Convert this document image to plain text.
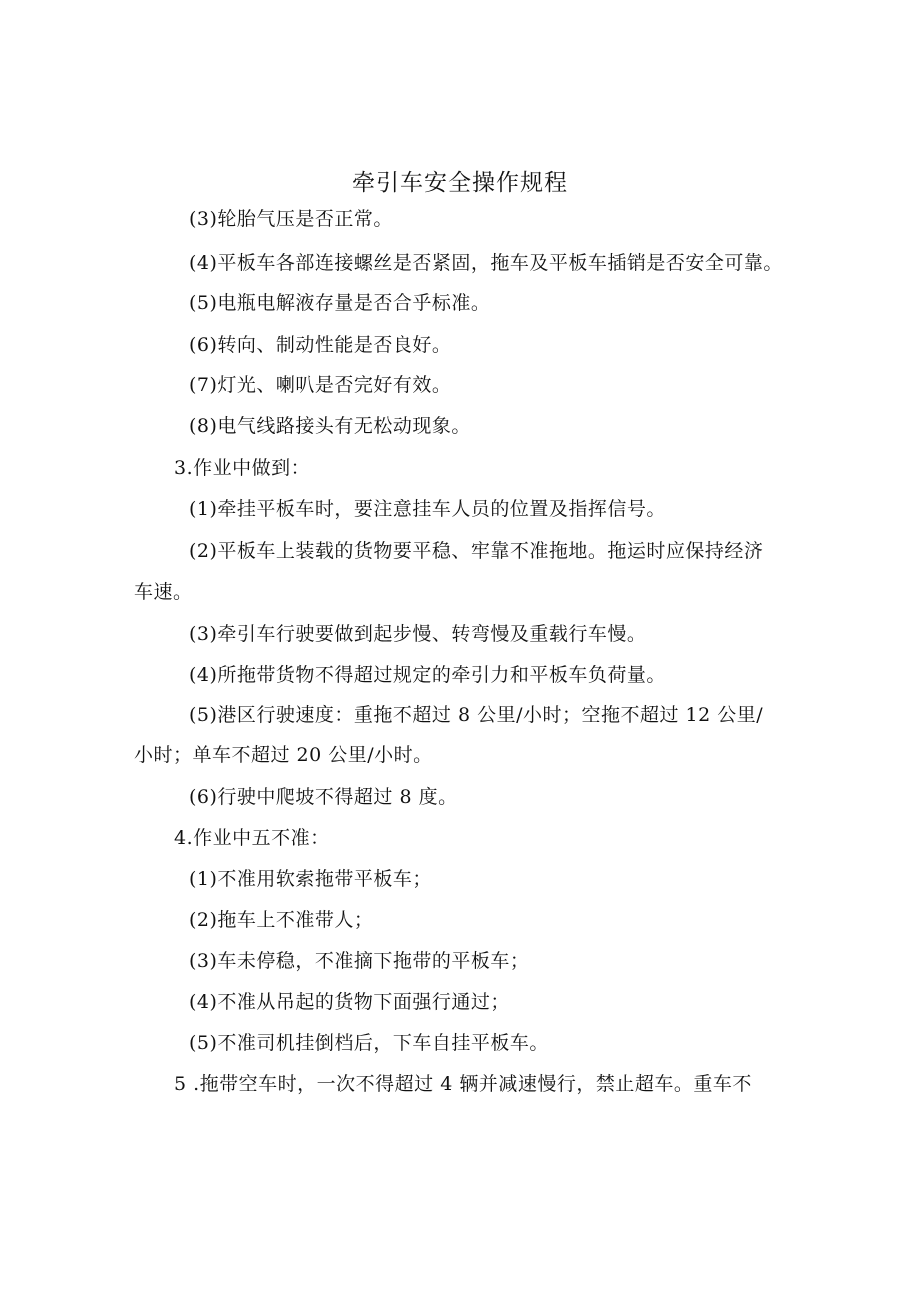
牵引车安全操作规程
(3)轮胎气压是否正常。
(4)平板车各部连接螺丝是否紧固，拖车及平板车插销是否安全可靠。
(5)电瓶电解液存量是否合乎标准。
(6)转向、制动性能是否良好。
(7)灯光、喇叭是否完好有效。
(8)电气线路接头有无松动现象。
3.作业中做到：
(1)牵挂平板车时，要注意挂车人员的位置及指挥信号。
(2)平板车上装载的货物要平稳、牢靠不准拖地。拖运时应保持经济
车速。
(3)牵引车行驶要做到起步慢、转弯慢及重载行车慢。
(4)所拖带货物不得超过规定的牵引力和平板车负荷量。
(5)港区行驶速度：重拖不超过 8 公里/小时；空拖不超过 12 公里/
小时；单车不超过 20 公里/小时。
(6)行驶中爬坡不得超过 8 度。
4.作业中五不准：
(1)不准用软索拖带平板车；
(2)拖车上不准带人；
(3)车未停稳，不准摘下拖带的平板车；
(4)不准从吊起的货物下面强行通过；
(5)不准司机挂倒档后，下车自挂平板车。
5 .拖带空车时，一次不得超过 4 辆并减速慢行，禁止超车。重车不
